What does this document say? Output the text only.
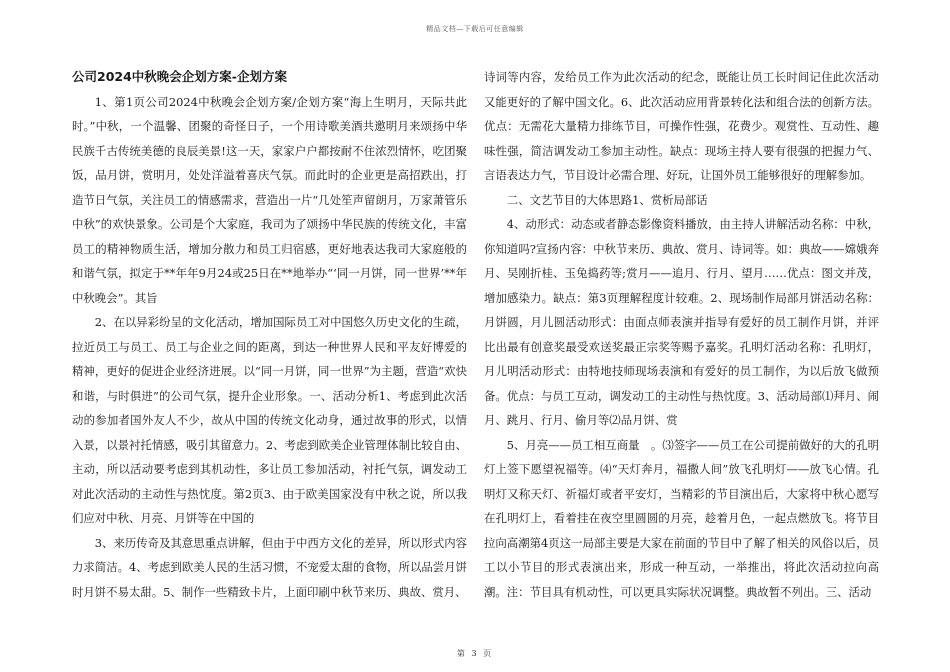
精品文档—下载后可任意编辑

公司2024中秋晚会企划方案-企划方案

1、第1页公司2024中秋晚会企划方案/企划方案“海上生明月，天际共此时。”中秋，一个温馨、团聚的奇怪日子，一个用诗歌美酒共邀明月来颂扬中华民族千古传统美德的良辰美景!这一天，家家户户都按耐不住浓烈情怀，吃团聚饭，品月饼，赏明月，处处洋溢着喜庆气氛。而此时的企业更是高招跌出，打造节日气氛，关注员工的情感需求，营造出一片“几处笙声留朗月，万家萧管乐中秋”的欢快景象。公司是个大家庭，我司为了颂扬中华民族的传统文化，丰富员工的精神物质生活，增加分散力和员工归宿感，更好地表达我司大家庭般的和谐气氛，拟定于**年年9月24或25日在**地举办“‘同一月饼，同一世界’**年中秋晚会”。其旨

2、在以异彩纷呈的文化活动，增加国际员工对中国悠久历史文化的生疏，拉近员工与员工、员工与企业之间的距离，到达一种世界人民和平友好博爱的精神，更好的促进企业经济进展。以“同一月饼，同一世界”为主题，营造“欢快和谐，与时俱进”的公司气氛，提升企业形象。一、活动分析1、考虑到此次活动的参加者国外友人不少，故从中国的传统文化动身，通过故事的形式，以情入景，以景衬托情感，吸引其留意力。2、考虑到欧美企业管理体制比较自由、主动，所以活动要考虑到其机动性，多让员工参加活动，衬托气氛，调发动工对此次活动的主动性与热忱度。第2页3、由于欧美国家没有中秋之说，所以我们应对中秋、月亮、月饼等在中国的

3、来历传奇及其意思重点讲解，但由于中西方文化的差异，所以形式内容力求简洁。4、考虑到欧美人民的生活习惯，不宠爱太甜的食物，所以品尝月饼时月饼不易太甜。5、制作一些精致卡片，上面印刷中秋节来历、典故、赏月、

诗词等内容，发给员工作为此次活动的纪念，既能让员工长时间记住此次活动又能更好的了解中国文化。6、此次活动应用背景转化法和组合法的创新方法。优点：无需花大量精力排练节目，可操作性强，花费少。观赏性、互动性、趣味性强，简洁调发动工参加主动性。缺点：现场主持人要有很强的把握力气、言语表达力气，节目设计必需合理、好玩，让国外员工能够很好的理解参加。

二、文艺节目的大体思路1、赏析局部话

4、动形式：动态或者静态影像资料播放，由主持人讲解活动名称：中秋，你知道吗?宣扬内容：中秋节来历、典故、赏月、诗词等。如：典故——嫦娥奔月、吴刚折桂、玉兔捣药等;赏月——追月、行月、望月……优点：图文并茂，增加感染力。缺点：第3页理解程度计较难。2、现场制作局部月饼活动名称：月饼圆，月儿圆活动形式：由面点师表演并指导有爱好的员工制作月饼，并评比出最有创意奖最受欢送奖最正宗奖等赐予嘉奖。孔明灯活动名称：孔明灯，月儿明活动形式：由特地技师现场表演和有爱好的员工制作，为以后放飞做预备。优点：与员工互动，调发动工的主动性与热忱度。3、活动局部⑴拜月、闹月、跳月、行月、偷月等⑵品月饼、赏

5、月亮——员工相互商量　。⑶签字——员工在公司提前做好的大的孔明灯上签下愿望祝福等。⑷“天灯奔月，福撒人间”放飞孔明灯——放飞心情。孔明灯又称天灯、祈福灯或者平安灯，当精彩的节目演出后，大家将中秋心愿写在孔明灯上，看着挂在夜空里圆圆的月亮，趁着月色，一起点燃放飞。将节目拉向高潮第4页这一局部主要是大家在前面的节目中了解了相关的风俗以后，员工以小节目的形式表演出来，形成一种互动，一举推出，将此次活动拉向高潮。注：节目具有机动性，可以更具实际状况调整。典故暂不列出。三、活动

第 3 页
